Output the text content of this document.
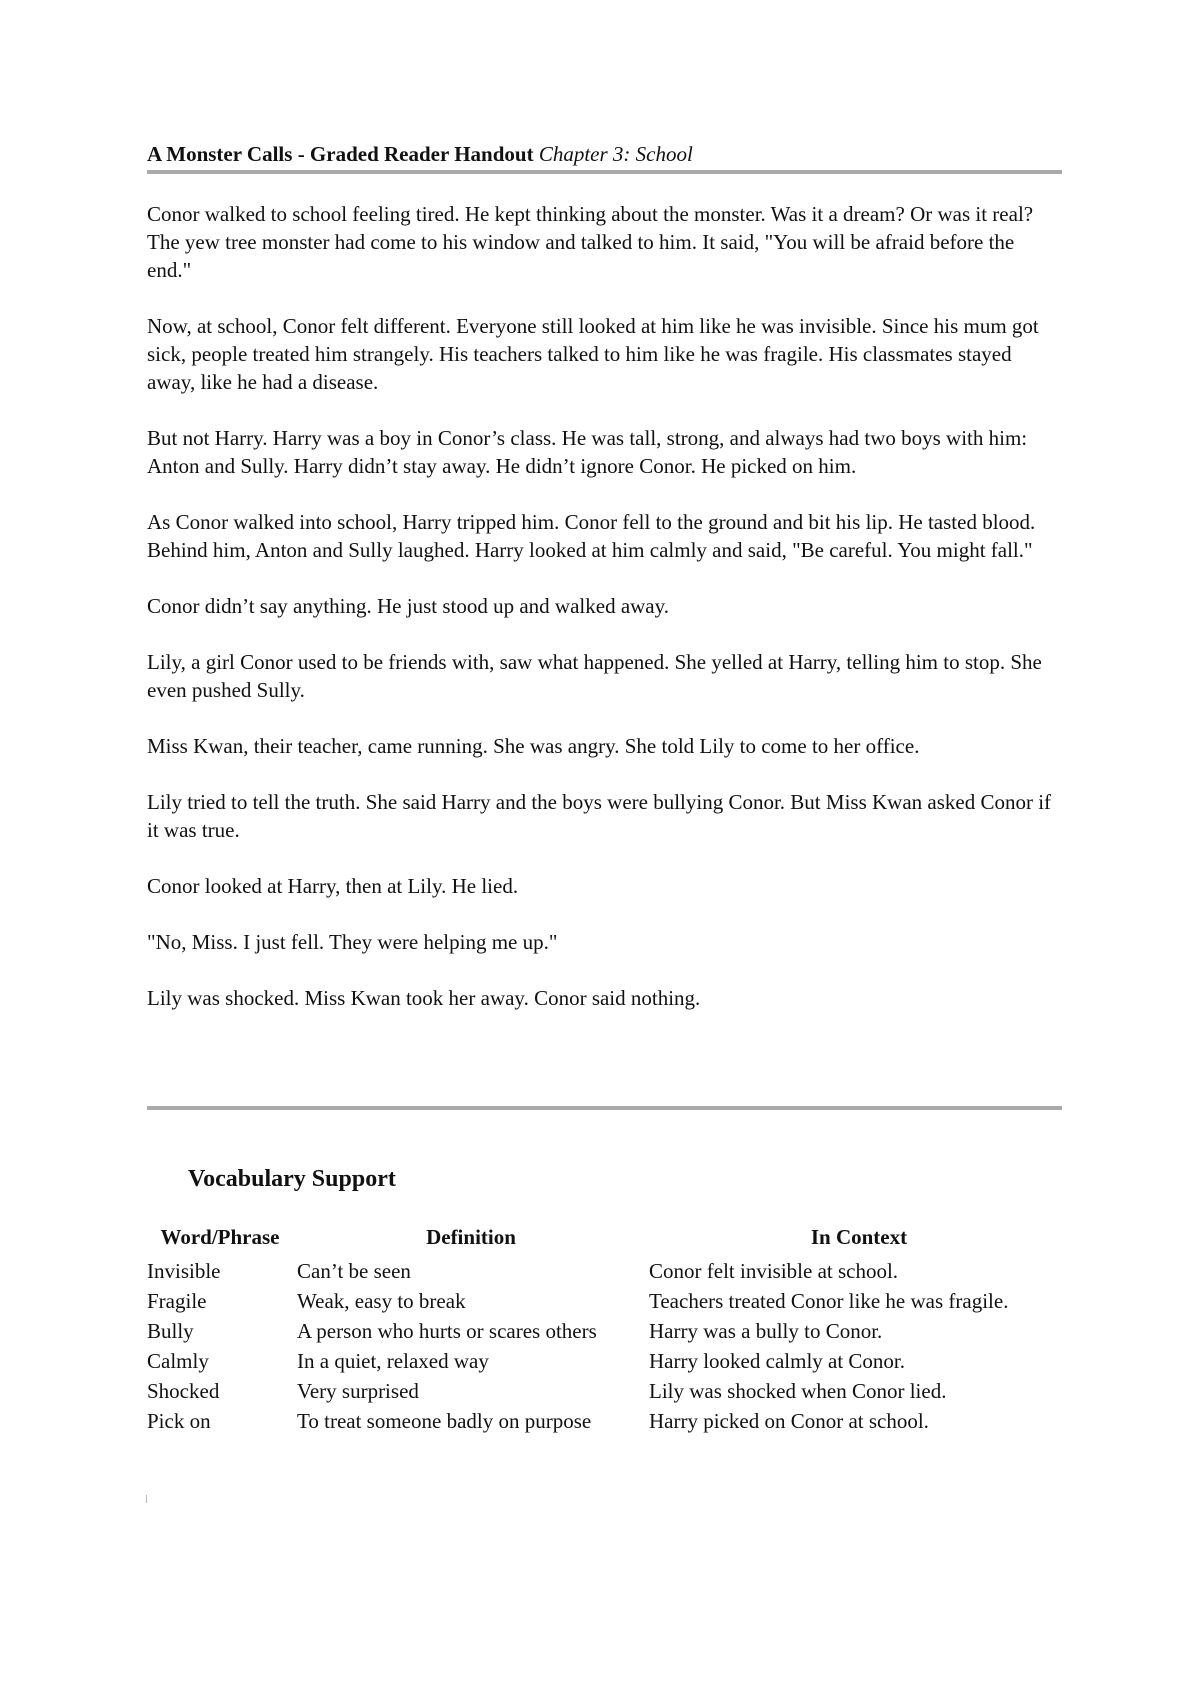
A Monster Calls - Graded Reader Handout Chapter 3: School

Conor walked to school feeling tired. He kept thinking about the monster. Was it a dream? Or was it real? The yew tree monster had come to his window and talked to him. It said, "You will be afraid before the end."

Now, at school, Conor felt different. Everyone still looked at him like he was invisible. Since his mum got sick, people treated him strangely. His teachers talked to him like he was fragile. His classmates stayed away, like he had a disease.

But not Harry. Harry was a boy in Conor’s class. He was tall, strong, and always had two boys with him: Anton and Sully. Harry didn’t stay away. He didn’t ignore Conor. He picked on him.

As Conor walked into school, Harry tripped him. Conor fell to the ground and bit his lip. He tasted blood. Behind him, Anton and Sully laughed. Harry looked at him calmly and said, "Be careful. You might fall."

Conor didn’t say anything. He just stood up and walked away.

Lily, a girl Conor used to be friends with, saw what happened. She yelled at Harry, telling him to stop. She even pushed Sully.

Miss Kwan, their teacher, came running. She was angry. She told Lily to come to her office.

Lily tried to tell the truth. She said Harry and the boys were bullying Conor. But Miss Kwan asked Conor if it was true.

Conor looked at Harry, then at Lily. He lied.

"No, Miss. I just fell. They were helping me up."

Lily was shocked. Miss Kwan took her away. Conor said nothing.

Vocabulary Support
Word/Phrase	Definition	In Context
Invisible	Can’t be seen	Conor felt invisible at school.
Fragile	Weak, easy to break	Teachers treated Conor like he was fragile.
Bully	A person who hurts or scares others	Harry was a bully to Conor.
Calmly	In a quiet, relaxed way	Harry looked calmly at Conor.
Shocked	Very surprised	Lily was shocked when Conor lied.
Pick on	To treat someone badly on purpose	Harry picked on Conor at school.
